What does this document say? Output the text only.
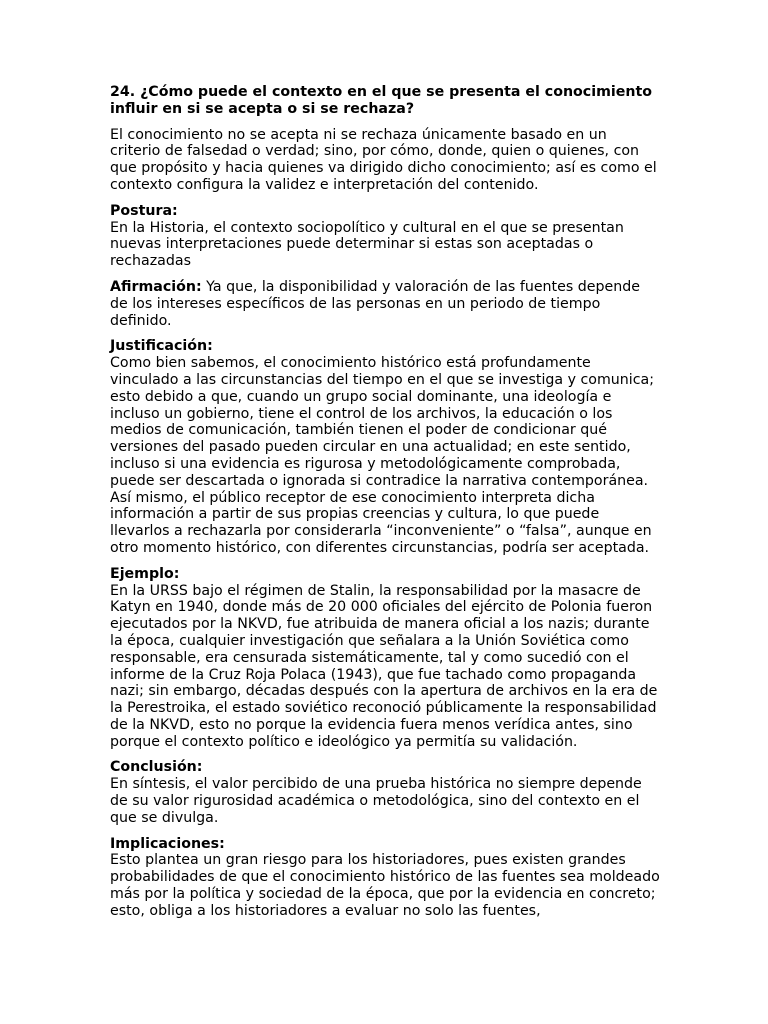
24. ¿Cómo puede el contexto en el que se presenta el conocimiento influir en si se acepta o si se rechaza?
El conocimiento no se acepta ni se rechaza únicamente basado en un criterio de falsedad o verdad; sino, por cómo, donde, quien o quienes, con que propósito y hacia quienes va dirigido dicho conocimiento; así es como el contexto configura la validez e interpretación del contenido.
Postura:
En la Historia, el contexto sociopolítico y cultural en el que se presentan nuevas interpretaciones puede determinar si estas son aceptadas o rechazadas
Afirmación: Ya que, la disponibilidad y valoración de las fuentes depende de los intereses específicos de las personas en un periodo de tiempo definido.
Justificación:
Como bien sabemos, el conocimiento histórico está profundamente vinculado a las circunstancias del tiempo en el que se investiga y comunica; esto debido a que, cuando un grupo social dominante, una ideología e incluso un gobierno, tiene el control de los archivos, la educación o los medios de comunicación, también tienen el poder de condicionar qué versiones del pasado pueden circular en una actualidad; en este sentido, incluso si una evidencia es rigurosa y metodológicamente comprobada, puede ser descartada o ignorada si contradice la narrativa contemporánea. Así mismo, el público receptor de ese conocimiento interpreta dicha información a partir de sus propias creencias y cultura, lo que puede llevarlos a rechazarla por considerarla “inconveniente” o “falsa”, aunque en otro momento histórico, con diferentes circunstancias, podría ser aceptada.
Ejemplo:
En la URSS bajo el régimen de Stalin, la responsabilidad por la masacre de Katyn en 1940, donde más de 20 000 oficiales del ejército de Polonia fueron ejecutados por la NKVD, fue atribuida de manera oficial a los nazis; durante la época, cualquier investigación que señalara a la Unión Soviética como responsable, era censurada sistemáticamente, tal y como sucedió con el informe de la Cruz Roja Polaca (1943), que fue tachado como propaganda nazi; sin embargo, décadas después con la apertura de archivos en la era de la Perestroika, el estado soviético reconoció públicamente la responsabilidad de la NKVD, esto no porque la evidencia fuera menos verídica antes, sino porque el contexto político e ideológico ya permitía su validación.
Conclusión:
En síntesis, el valor percibido de una prueba histórica no siempre depende de su valor rigurosidad académica o metodológica, sino del contexto en el que se divulga.
Implicaciones:
Esto plantea un gran riesgo para los historiadores, pues existen grandes probabilidades de que el conocimiento histórico de las fuentes sea moldeado más por la política y sociedad de la época, que por la evidencia en concreto; esto, obliga a los historiadores a evaluar no solo las fuentes,
